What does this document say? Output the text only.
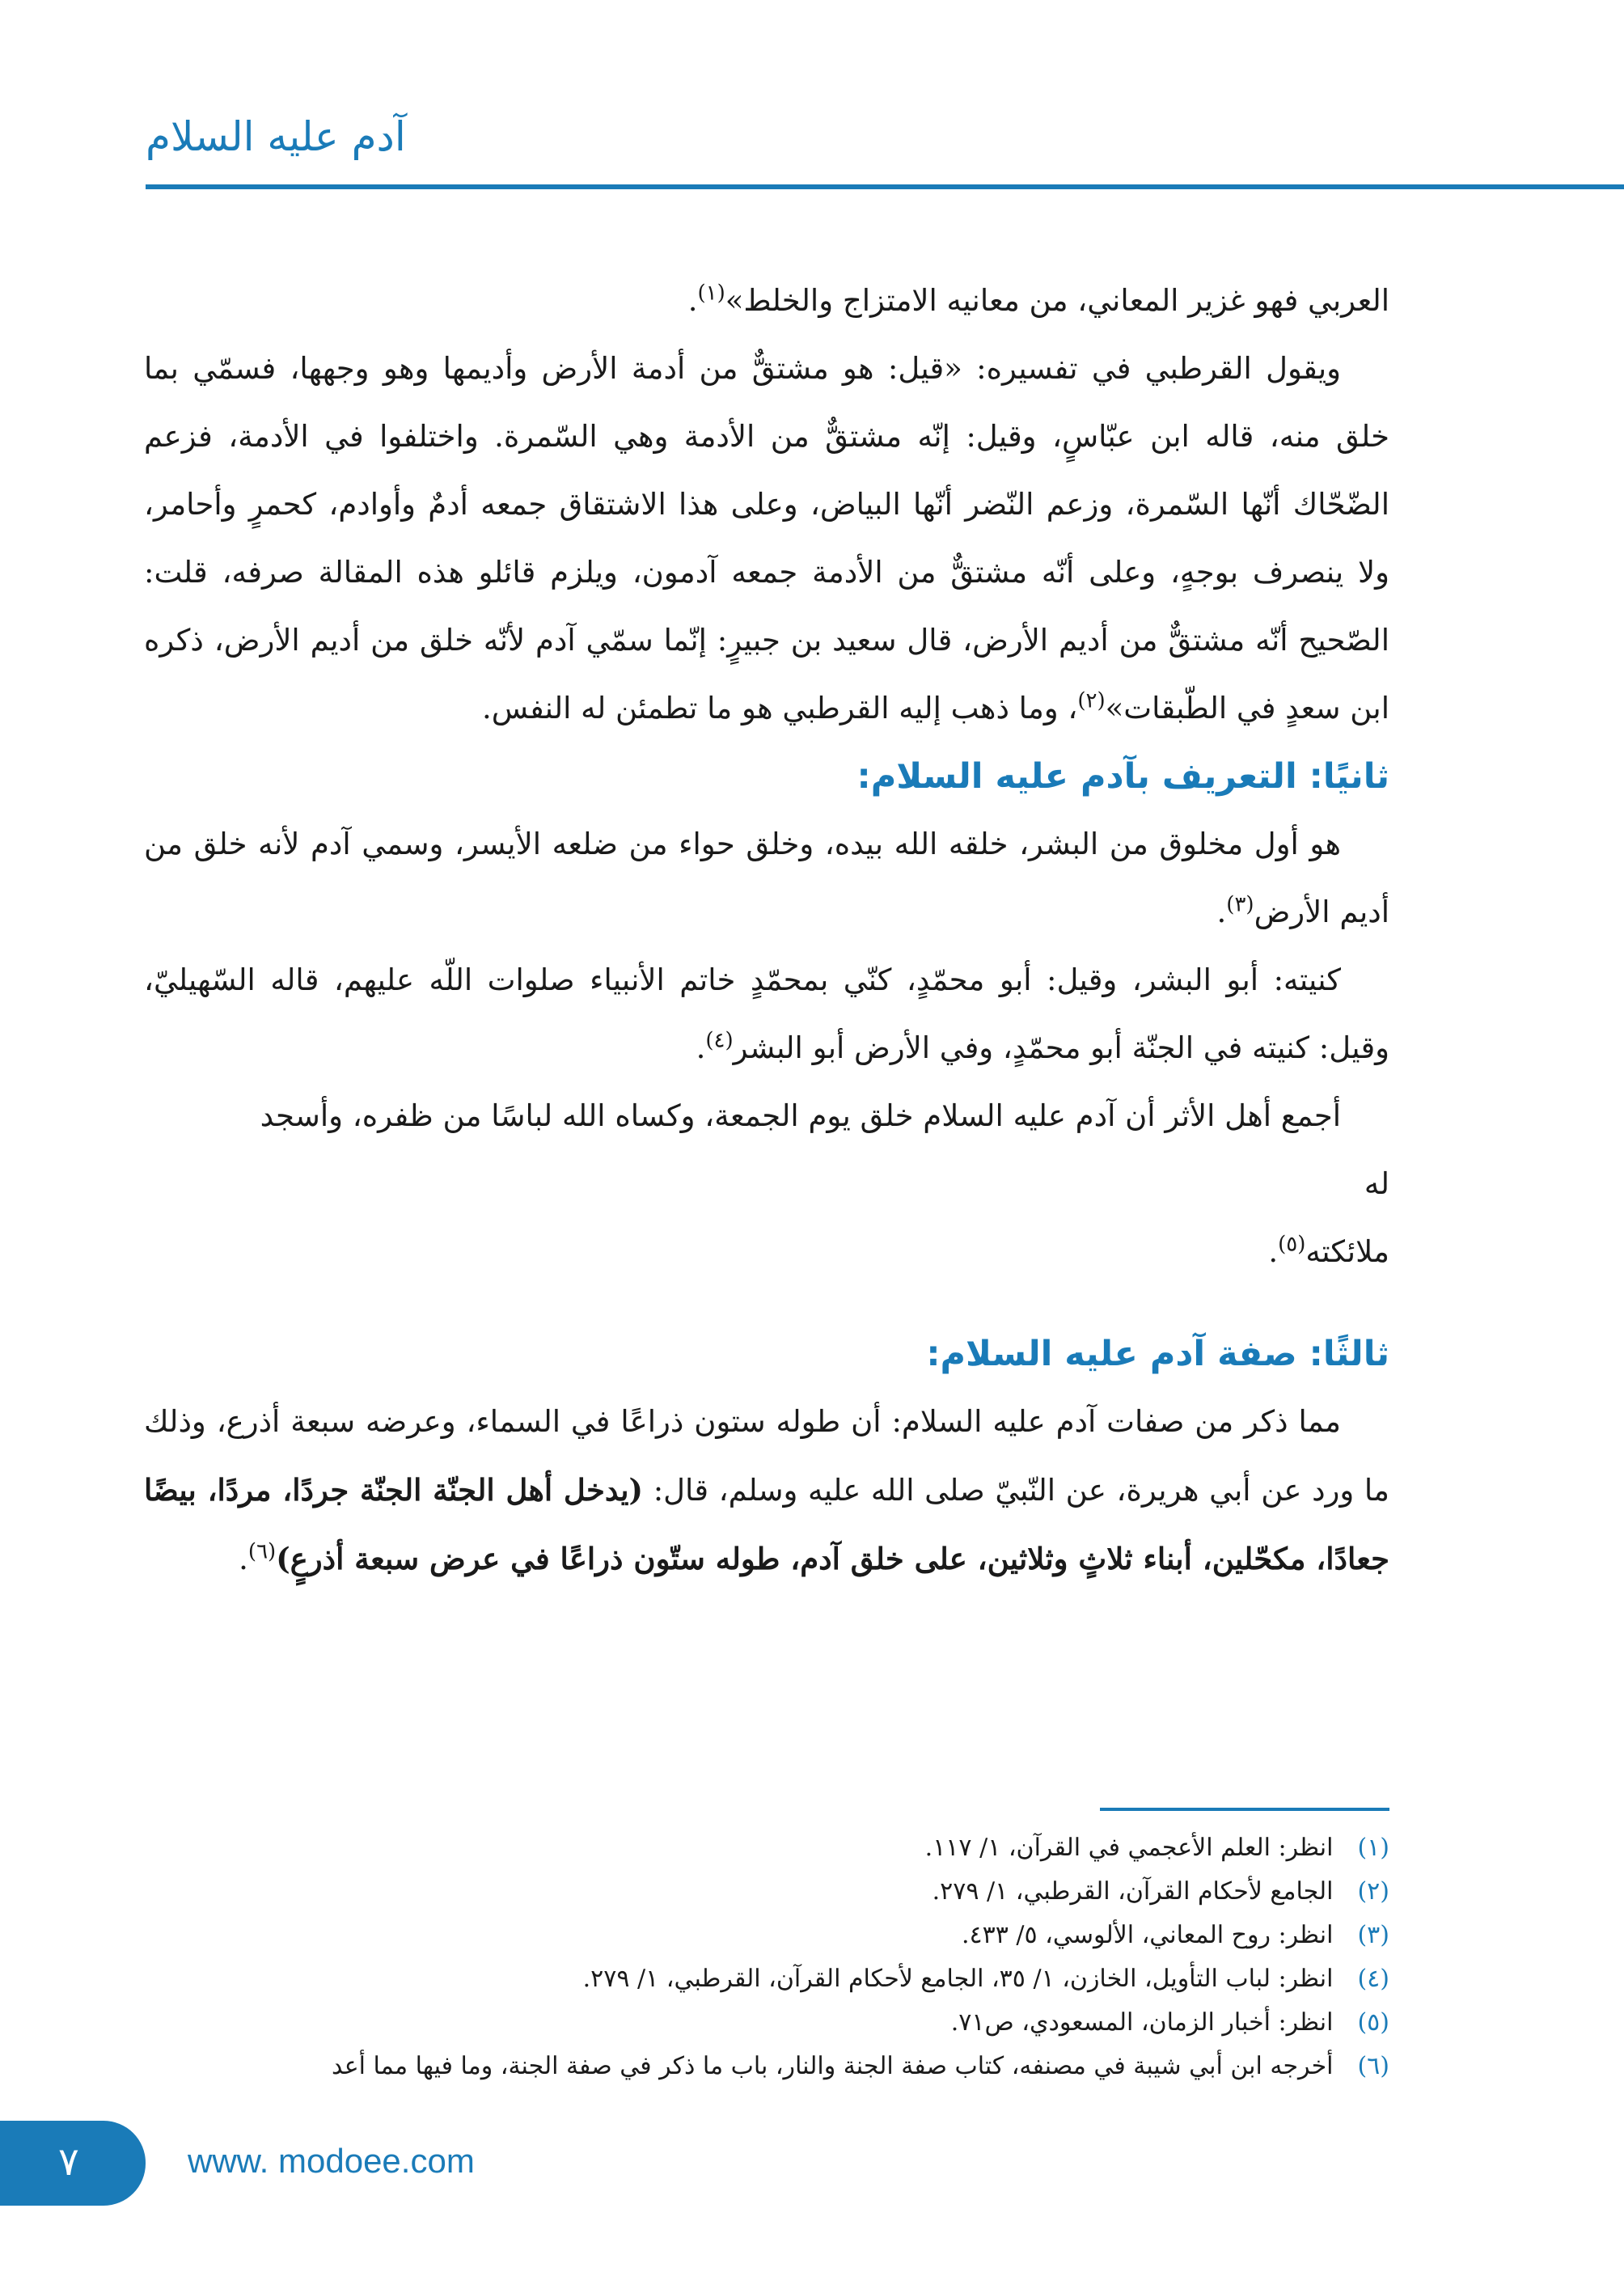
آدم عليه السلام

العربي فهو غزير المعاني، من معانيه الامتزاج والخلط»$^{(١)}$.

ويقول القرطبي في تفسيره: «قيل: هو مشتقٌّ من أدمة الأرض وأديمها وهو وجهها، فسمّي بما خلق منه، قاله ابن عبّاسٍ، وقيل: إنّه مشتقٌّ من الأدمة وهي السّمرة. واختلفوا في الأدمة، فزعم الضّحّاك أنّها السّمرة، وزعم النّضر أنّها البياض، وعلى هذا الاشتقاق جمعه أدمٌ وأوادم، كحمرٍ وأحامر، ولا ينصرف بوجهٍ، وعلى أنّه مشتقٌّ من الأدمة جمعه آدمون، ويلزم قائلو هذه المقالة صرفه، قلت: الصّحيح أنّه مشتقٌّ من أديم الأرض، قال سعيد بن جبيرٍ: إنّما سمّي آدم لأنّه خلق من أديم الأرض، ذكره ابن سعدٍ في الطّبقات»$^{(٢)}$، وما ذهب إليه القرطبي هو ما تطمئن له النفس.

ثانيًا: التعريف بآدم عليه السلام:

هو أول مخلوق من البشر، خلقه الله بيده، وخلق حواء من ضلعه الأيسر، وسمي آدم لأنه خلق من أديم الأرض$^{(٣)}$.

كنيته: أبو البشر، وقيل: أبو محمّدٍ، كنّي بمحمّدٍ خاتم الأنبياء صلوات اللّه عليهم، قاله السّهيليّ، وقيل: كنيته في الجنّة أبو محمّدٍ، وفي الأرض أبو البشر$^{(٤)}$.

أجمع أهل الأثر أن آدم عليه السلام خلق يوم الجمعة، وكساه الله لباسًا من ظفره، وأسجد

له

ملائكته$^{(٥)}$.

ثالثًا: صفة آدم عليه السلام:

مما ذكر من صفات آدم عليه السلام: أن طوله ستون ذراعًا في السماء، وعرضه سبعة أذرع، وذلك ما ورد عن أبي هريرة، عن النّبيّ صلى الله عليه وسلم، قال: (يدخل أهل الجنّة الجنّة جردًا، مردًا، بيضًا جعادًا، مكحّلين، أبناء ثلاثٍ وثلاثين، على خلق آدم، طوله ستّون ذراعًا في عرض سبعة أذرعٍ)$^{(٦)}$.

(١) انظر: العلم الأعجمي في القرآن، ١/ ١١٧.
(٢) الجامع لأحكام القرآن، القرطبي، ١/ ٢٧٩.
(٣) انظر: روح المعاني، الألوسي، ٥/ ٤٣٣.
(٤) انظر: لباب التأويل، الخازن، ١/ ٣٥، الجامع لأحكام القرآن، القرطبي، ١/ ٢٧٩.
(٥) انظر: أخبار الزمان، المسعودي، ص٧١.
(٦) أخرجه ابن أبي شيبة في مصنفه، كتاب صفة الجنة والنار، باب ما ذكر في صفة الجنة، وما فيها مما أعد
٧	www. modoee.com
